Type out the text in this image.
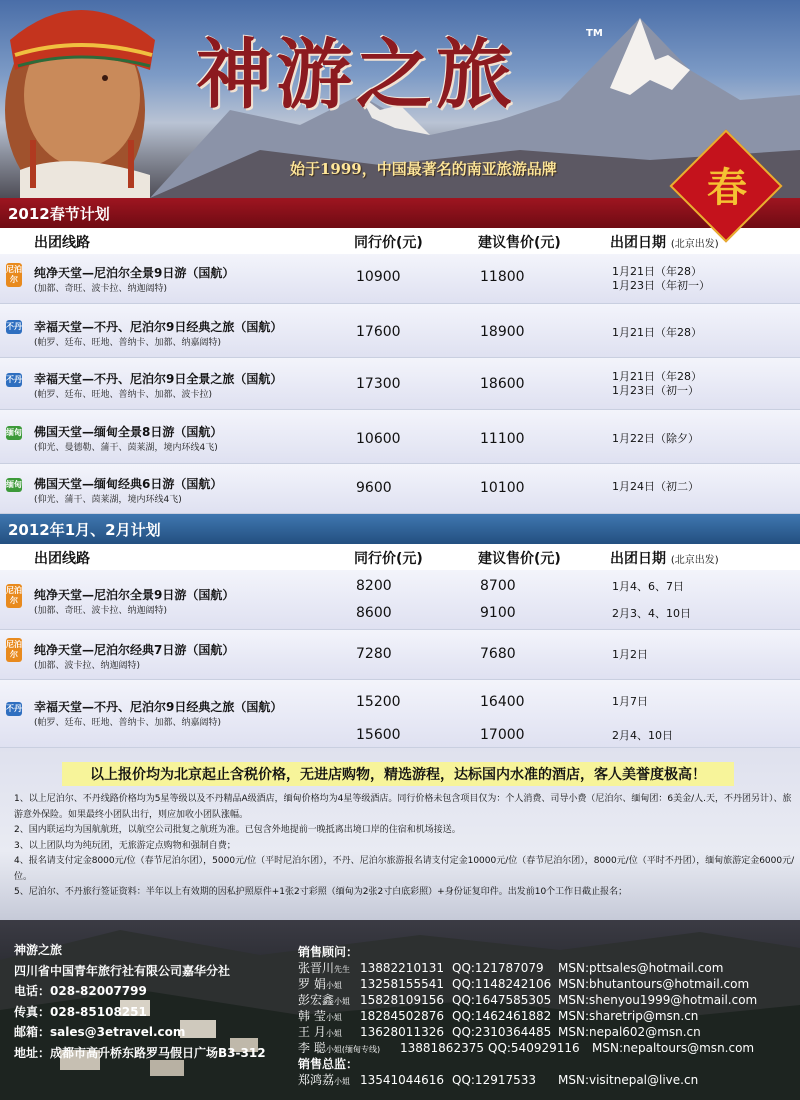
神游之旅	TM
始于1999，中国最著名的南亚旅游品牌	春
2012春节计划
出团线路	同行价(元)	建议售价(元)	出团日期 (北京出发)
尼泊尔	纯净天堂—尼泊尔全景9日游（国航）
(加都、奇旺、波卡拉、纳迦阔特)
10900	11800	1月21日（年28）
1月23日（年初一）
不丹 幸福天堂—不丹、尼泊尔9日经典之旅（国航）
(帕罗、廷布、旺地、普纳卡、加都、纳嘉阔特)
17600	18900	1月21日（年28）
不丹 幸福天堂—不丹、尼泊尔9日全景之旅（国航）
(帕罗、廷布、旺地、普纳卡、加都、波卡拉)
17300	18600	1月21日（年28）
1月23日（初一）
缅甸 佛国天堂—缅甸全景8日游（国航）
(仰光、曼德勒、蒲干、茵莱湖，境内环线4飞)
10600	11100	1月22日（除夕）
缅甸 佛国天堂—缅甸经典6日游（国航）
(仰光、蒲干、茵莱湖，境内环线4飞)
9600	10100	1月24日（初二）
2012年1月、2月计划
出团线路	同行价(元)	建议售价(元)	出团日期 (北京出发)
尼泊尔	纯净天堂—尼泊尔全景9日游（国航）
(加都、奇旺、波卡拉、纳迦阔特)
8200	8700	1月4、6、7日
8600	9100	2月3、4、10日
尼泊尔	纯净天堂—尼泊尔经典7日游（国航）
(加都、波卡拉、纳迦阔特)
7280	7680	1月2日
不丹 幸福天堂—不丹、尼泊尔9日经典之旅（国航）
(帕罗、廷布、旺地、普纳卡、加都、纳嘉阔特)
15200	16400	1月7日
15600	17000	2月4、10日
以上报价均为北京起止含税价格，无进店购物，精选游程，达标国内水准的酒店，客人美誉度极高！

1、以上尼泊尔、不丹线路价格均为5星等级以及不丹精品A级酒店，缅甸价格均为4星等级酒店。同行价格未包含项目仅为：个人消费、司导小费（尼泊尔、缅甸团：6美金/人.天，不丹团另计）、旅游意外保险。如果最终小团队出行，则应加收小团队涨幅。

2、国内联运均为国航航班，以航空公司批复之航班为准。已包含外地提前一晚抵离出境口岸的住宿和机场接送。

3、以上团队均为纯玩团，无旅游定点购物和强制自费；

4、报名请支付定金8000元/位（春节尼泊尔团），5000元/位（平时尼泊尔团），不丹、尼泊尔旅游报名请支付定金10000元/位（春节尼泊尔团），8000元/位（平时不丹团），缅甸旅游定金6000元/位。

5、尼泊尔、不丹旅行签证资料：半年以上有效期的因私护照原件+1张2寸彩照（缅甸为2张2寸白底彩照）+身份证复印件。出发前10个工作日截止报名；

神游之旅
四川省中国青年旅行社有限公司嘉华分社
电话：028-82007799
传真：028-85108251
邮箱：sales@3etravel.com
地址：成都市高升桥东路罗马假日广场B3-312
销售顾问：
张晋川先生 13882210131 QQ:121787079 MSN:pttsales@hotmail.com
罗 娟小姐 13258155541 QQ:1148242106 MSN:bhutantours@hotmail.com
彭宏鑫小姐 15828109156 QQ:1647585305 MSN:shenyou1999@hotmail.com
韩 莹小姐 18284502876 QQ:1462461882 MSN:sharetrip@msn.cn
王 月小姐 13628011326 QQ:2310364485 MSN:nepal602@msn.cn
李 聪小姐(缅甸专线) 13881862375 QQ:540929116 MSN:nepaltours@msn.com
销售总监：
郑鸿荔小姐 13541044616 QQ:12917533 MSN:visitnepal@live.cn
